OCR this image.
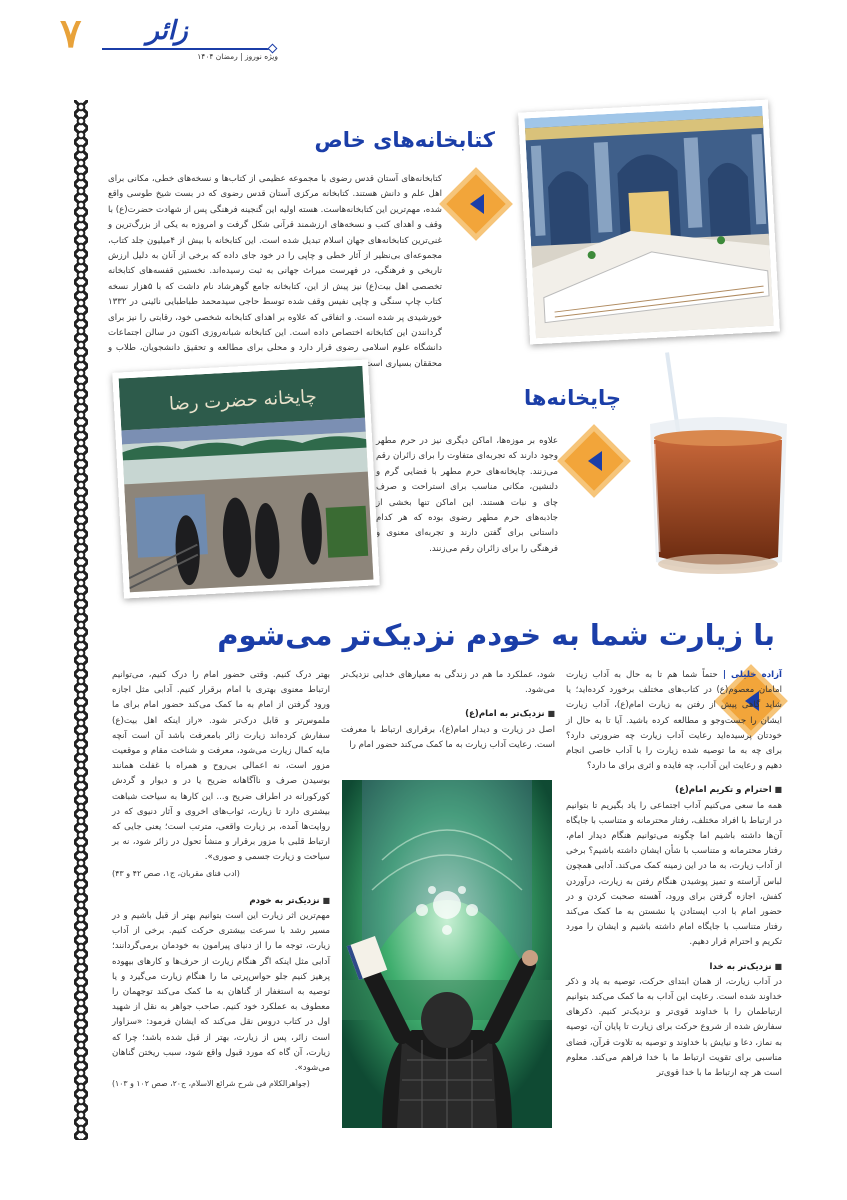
۷	زائر
ویژه نوروز | رمضان ۱۴۰۴
کتابخانه‌های خاص
کتابخانه‌های آستان قدس رضوی با مجموعه عظیمی از کتاب‌ها و نسخه‌های خطی، مکانی برای اهل علم و دانش هستند. کتابخانه مرکزی آستان قدس رضوی که در بست شیخ طوسی واقع شده، مهم‌ترین این کتابخانه‌هاست. هسته اولیه این گنجینه فرهنگی پس از شهادت حضرت(ع) با وقف و اهدای کتب و نسخه‌های ارزشمند قرآنی شکل گرفت و امروزه به یکی از بزرگ‌ترین و غنی‌ترین کتابخانه‌های جهان اسلام تبدیل شده است. این کتابخانه با بیش از ۴میلیون جلد کتاب، مجموعه‌ای بی‌نظیر از آثار خطی و چاپی را در خود جای داده که برخی از آنان به دلیل ارزش تاریخی و فرهنگی، در فهرست میراث جهانی به ثبت رسیده‌اند. نخستین قفسه‌های کتابخانه تخصصی اهل بیت(ع) نیز پیش از این، کتابخانه جامع گوهرشاد نام داشت که با ۵هزار نسخه کتاب چاپ سنگی و چاپی نفیس وقف شده توسط حاجی سیدمحمد طباطبایی نائینی در ۱۳۳۲ خورشیدی پر شده است. و اتفاقی که علاوه بر اهدای کتابخانه شخصی خود، رقابتی را نیز برای گردانندن این کتابخانه اختصاص داده است. این کتابخانه شبانه‌روزی اکنون در سالن اجتماعات دانشگاه علوم اسلامی رضوی قرار دارد و محلی برای مطالعه و تحقیق دانشجویان، طلاب و محققان بسیاری است.
چایخانه‌ها
علاوه بر موزه‌ها، اماکن دیگری نیز در حرم مطهر وجود دارند که تجربه‌ای متفاوت را برای زائران رقم می‌زنند. چایخانه‌های حرم مطهر با فضایی گرم و دلنشین، مکانی مناسب برای استراحت و صرف چای و نبات هستند. این اماکن تنها بخشی از جاذبه‌های حرم مطهر رضوی بوده که هر کدام داستانی برای گفتن دارند و تجربه‌ای معنوی و فرهنگی را برای زائران رقم می‌زنند.
چایخانه حضرت رضا
با زیارت شما به خودم نزدیک‌تر می‌شوم
آزاده خلیلی | حتماً شما هم تا به حال به آداب زیارت امامان معصوم(ع) در کتاب‌های مختلف برخورد کرده‌اید؛ یا شاید گاهی پیش از رفتن به زیارت امام(ع)، آداب زیارت ایشان را جست‌وجو و مطالعه کرده باشید. آیا تا به حال از خودتان پرسیده‌اید رعایت آداب زیارت چه ضرورتی دارد؟ برای چه به ما توصیه شده زیارت را با آداب خاصی انجام دهیم و رعایت این آداب، چه فایده و اثری برای ما دارد؟
■ احترام و تکریم امام(ع)
همه ما سعی می‌کنیم آداب اجتماعی را یاد بگیریم تا بتوانیم در ارتباط با افراد مختلف، رفتار محترمانه و متناسب با جایگاه آن‌ها داشته باشیم اما چگونه می‌توانیم هنگام دیدار امام، رفتار محترمانه و متناسب با شأن ایشان داشته باشیم؟ برخی از آداب زیارت، به ما در این زمینه کمک می‌کند. آدابی همچون لباس آراسته و تمیز پوشیدن هنگام رفتن به زیارت، درآوردن کفش، اجازه گرفتن برای ورود، آهسته صحبت کردن و در حضور امام با ادب ایستادن یا نشستن به ما کمک می‌کند رفتار متناسب با جایگاه امام داشته باشیم و ایشان را مورد تکریم و احترام قرار دهیم.
■ نزدیک‌تر به خدا
در آداب زیارت، از همان ابتدای حرکت، توصیه به یاد و ذکر خداوند شده است. رعایت این آداب به ما کمک می‌کند بتوانیم ارتباطمان را با خداوند قوی‌تر و نزدیک‌تر کنیم. ذکرهای سفارش شده از شروع حرکت برای زیارت تا پایان آن، توصیه به نماز، دعا و نیایش با خداوند و توصیه به تلاوت قرآن، فضای مناسبی برای تقویت ارتباط ما با خدا فراهم می‌کند. معلوم است هر چه ارتباط ما با خدا قوی‌تر
شود، عملکرد ما هم در زندگی به معیارهای خدایی نزدیک‌تر می‌شود.
■ نزدیک‌تر به امام(ع)
اصل در زیارت و دیدار امام(ع)، برقراری ارتباط با معرفت است. رعایت آداب زیارت به ما کمک می‌کند حضور امام را
بهتر درک کنیم. وقتی حضور امام را درک کنیم، می‌توانیم ارتباط معنوی بهتری با امام برقرار کنیم. آدابی مثل اجازه ورود گرفتن از امام به ما کمک می‌کند حضور امام برای ما ملموس‌تر و قابل درک‌تر شود. «راز اینکه اهل بیت(ع) سفارش کرده‌اند زیارت زائر بامعرفت باشد آن است آنچه مایه کمال زیارت می‌شود، معرفت و شناخت مقام و موقعیت مزور است، نه اعمالی بی‌روح و همراه با غفلت همانند بوسیدن صرف و ناآگاهانه ضریح یا در و دیوار و گردش کورکورانه در اطراف ضریح و... این کارها به سیاحت شباهت بیشتری دارد تا زیارت، ثواب‌های اخروی و آثار دنیوی که در روایت‌ها آمده، بر زیارت واقعی، مترتب است؛ یعنی جایی که ارتباط قلبی با مزور برقرار و منشأ تحول در زائر شود، نه بر سیاحت و زیارت جسمی و صوری».
(ادب فنای مقربان، ج۱، صص ۴۲ و ۴۳)
■ نزدیک‌تر به خودم
مهم‌ترین اثر زیارت این است بتوانیم بهتر از قبل باشیم و در مسیر رشد با سرعت بیشتری حرکت کنیم. برخی از آداب زیارت، توجه ما را از دنیای پیرامون به خودمان برمی‌گردانند؛ آدابی مثل اینکه اگر هنگام زیارت از حرف‌ها و کارهای بیهوده پرهیز کنیم جلو حواس‌پرتی ما را هنگام زیارت می‌گیرد و یا توصیه به استغفار از گناهان به ما کمک می‌کند توجهمان را معطوف به عملکرد خود کنیم. صاحب جواهر به نقل از شهید اول در کتاب دروس نقل می‌کند که ایشان فرمود: «سزاوار است زائر، پس از زیارت، بهتر از قبل شده باشد؛ چرا که زیارت، آن گاه که مورد قبول واقع شود، سبب ریختن گناهان می‌شود».
(جواهرالکلام فی شرح شرائع الاسلام، ج۲۰، صص ۱۰۲ و ۱۰۳)
